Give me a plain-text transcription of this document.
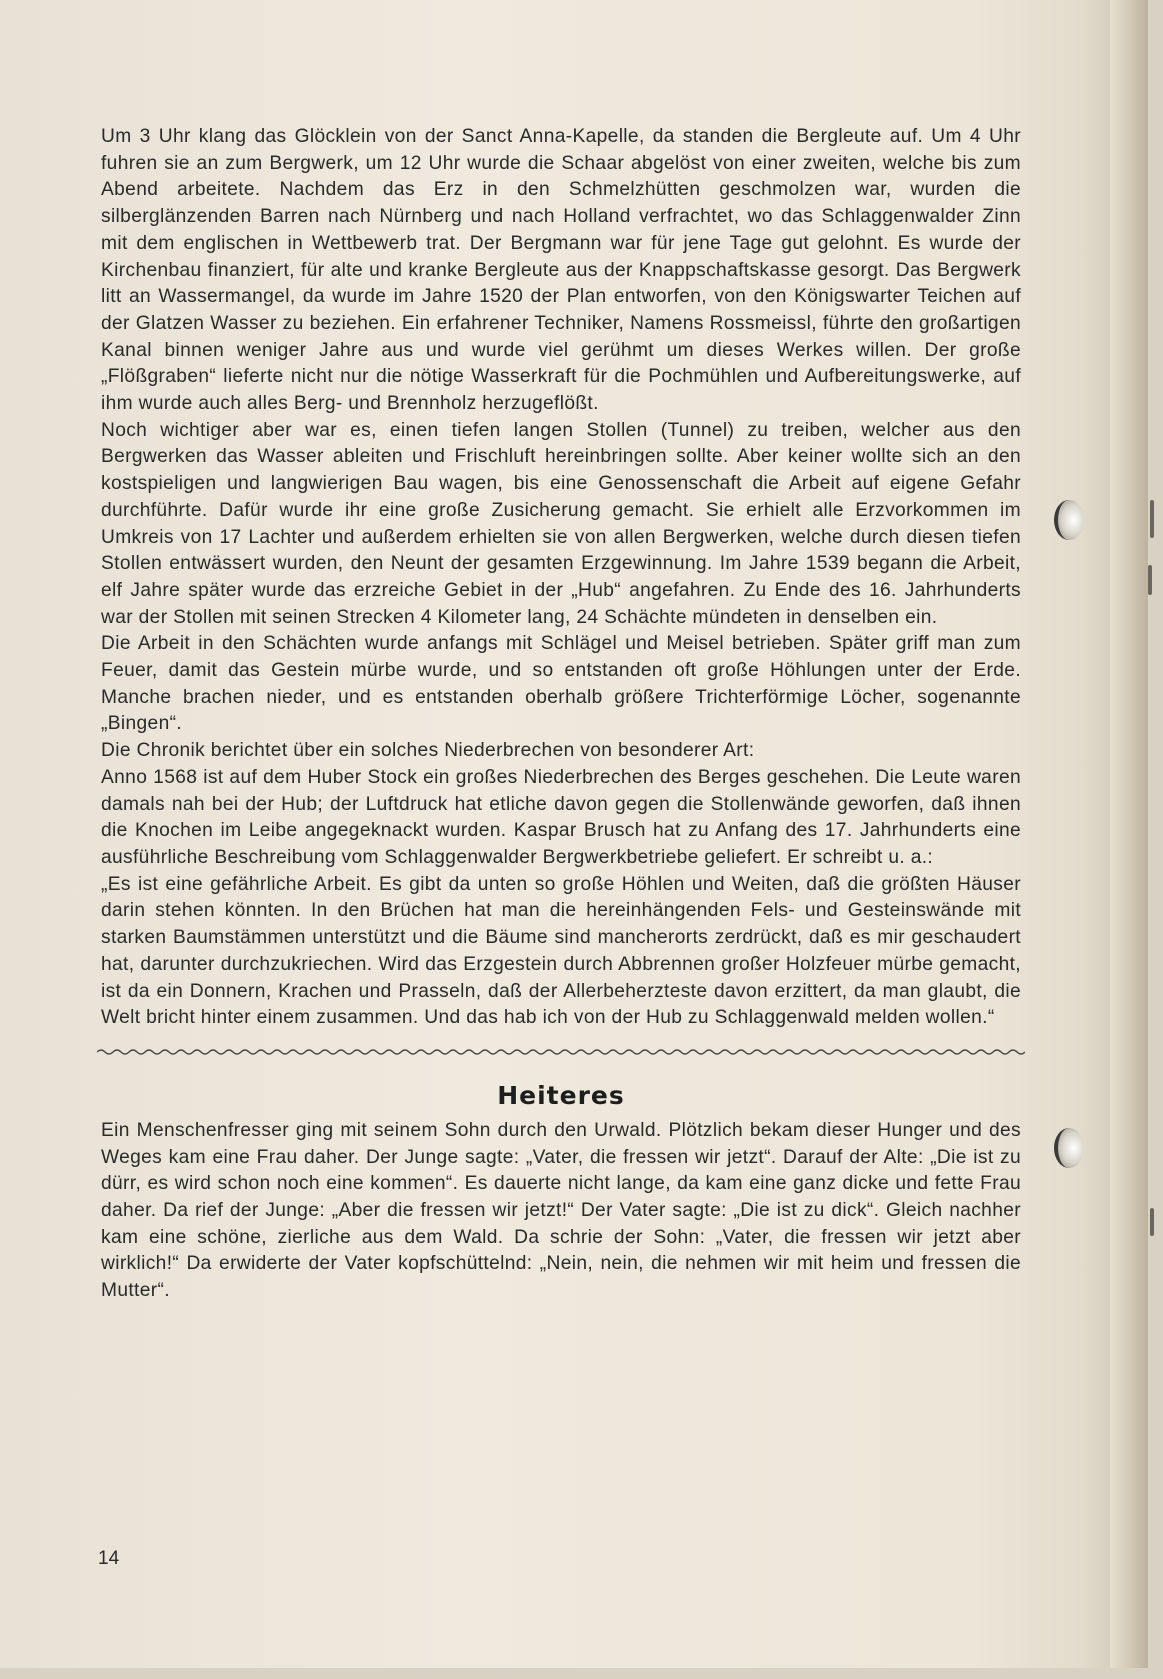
Um 3 Uhr klang das Glöcklein von der Sanct Anna-Kapelle, da standen die Bergleute auf. Um 4 Uhr fuhren sie an zum Bergwerk, um 12 Uhr wurde die Schaar abgelöst von einer zweiten, welche bis zum Abend arbeitete. Nachdem das Erz in den Schmelzhütten geschmolzen war, wurden die silberglänzenden Barren nach Nürnberg und nach Holland verfrachtet, wo das Schlaggenwalder Zinn mit dem englischen in Wettbewerb trat. Der Bergmann war für jene Tage gut gelohnt. Es wurde der Kirchenbau finanziert, für alte und kranke Bergleute aus der Knappschaftskasse gesorgt. Das Bergwerk litt an Wassermangel, da wurde im Jahre 1520 der Plan entworfen, von den Königswarter Teichen auf der Glatzen Wasser zu beziehen. Ein erfahrener Techniker, Namens Rossmeissl, führte den großartigen Kanal binnen weniger Jahre aus und wurde viel gerühmt um dieses Werkes willen. Der große „Flößgraben“ lieferte nicht nur die nötige Wasserkraft für die Pochmühlen und Aufbereitungswerke, auf ihm wurde auch alles Berg- und Brennholz herzugeflößt.

Noch wichtiger aber war es, einen tiefen langen Stollen (Tunnel) zu treiben, welcher aus den Bergwerken das Wasser ableiten und Frischluft hereinbringen sollte. Aber keiner wollte sich an den kostspieligen und langwierigen Bau wagen, bis eine Genossenschaft die Arbeit auf eigene Gefahr durchführte. Dafür wurde ihr eine große Zusicherung gemacht. Sie erhielt alle Erzvorkommen im Umkreis von 17 Lachter und außerdem erhielten sie von allen Bergwerken, welche durch diesen tiefen Stollen entwässert wurden, den Neunt der gesamten Erzgewinnung. Im Jahre 1539 begann die Arbeit, elf Jahre später wurde das erzreiche Gebiet in der „Hub“ angefahren. Zu Ende des 16. Jahrhunderts war der Stollen mit seinen Strecken 4 Kilometer lang, 24 Schächte mündeten in denselben ein.

Die Arbeit in den Schächten wurde anfangs mit Schlägel und Meisel betrieben. Später griff man zum Feuer, damit das Gestein mürbe wurde, und so entstanden oft große Höhlungen unter der Erde. Manche brachen nieder, und es entstanden oberhalb größere Trichterförmige Löcher, sogenannte „Bingen“.

Die Chronik berichtet über ein solches Niederbrechen von besonderer Art:

Anno 1568 ist auf dem Huber Stock ein großes Niederbrechen des Berges geschehen. Die Leute waren damals nah bei der Hub; der Luftdruck hat etliche davon gegen die Stollenwände geworfen, daß ihnen die Knochen im Leibe angegeknackt wurden. Kaspar Brusch hat zu Anfang des 17. Jahrhunderts eine ausführliche Beschreibung vom Schlaggenwalder Bergwerkbetriebe geliefert. Er schreibt u. a.:

„Es ist eine gefährliche Arbeit. Es gibt da unten so große Höhlen und Weiten, daß die größten Häuser darin stehen könnten. In den Brüchen hat man die hereinhängenden Fels- und Gesteinswände mit starken Baumstämmen unterstützt und die Bäume sind mancherorts zerdrückt, daß es mir geschaudert hat, darunter durchzukriechen. Wird das Erzgestein durch Abbrennen großer Holzfeuer mürbe gemacht, ist da ein Donnern, Krachen und Prasseln, daß der Allerbeherzteste davon erzittert, da man glaubt, die Welt bricht hinter einem zusammen. Und das hab ich von der Hub zu Schlaggenwald melden wollen.“

Heiteres

Ein Menschenfresser ging mit seinem Sohn durch den Urwald. Plötzlich bekam dieser Hunger und des Weges kam eine Frau daher. Der Junge sagte: „Vater, die fressen wir jetzt“. Darauf der Alte: „Die ist zu dürr, es wird schon noch eine kommen“. Es dauerte nicht lange, da kam eine ganz dicke und fette Frau daher. Da rief der Junge: „Aber die fressen wir jetzt!“ Der Vater sagte: „Die ist zu dick“. Gleich nachher kam eine schöne, zierliche aus dem Wald. Da schrie der Sohn: „Vater, die fressen wir jetzt aber wirklich!“ Da erwiderte der Vater kopfschüttelnd: „Nein, nein, die nehmen wir mit heim und fressen die Mutter“.

14
